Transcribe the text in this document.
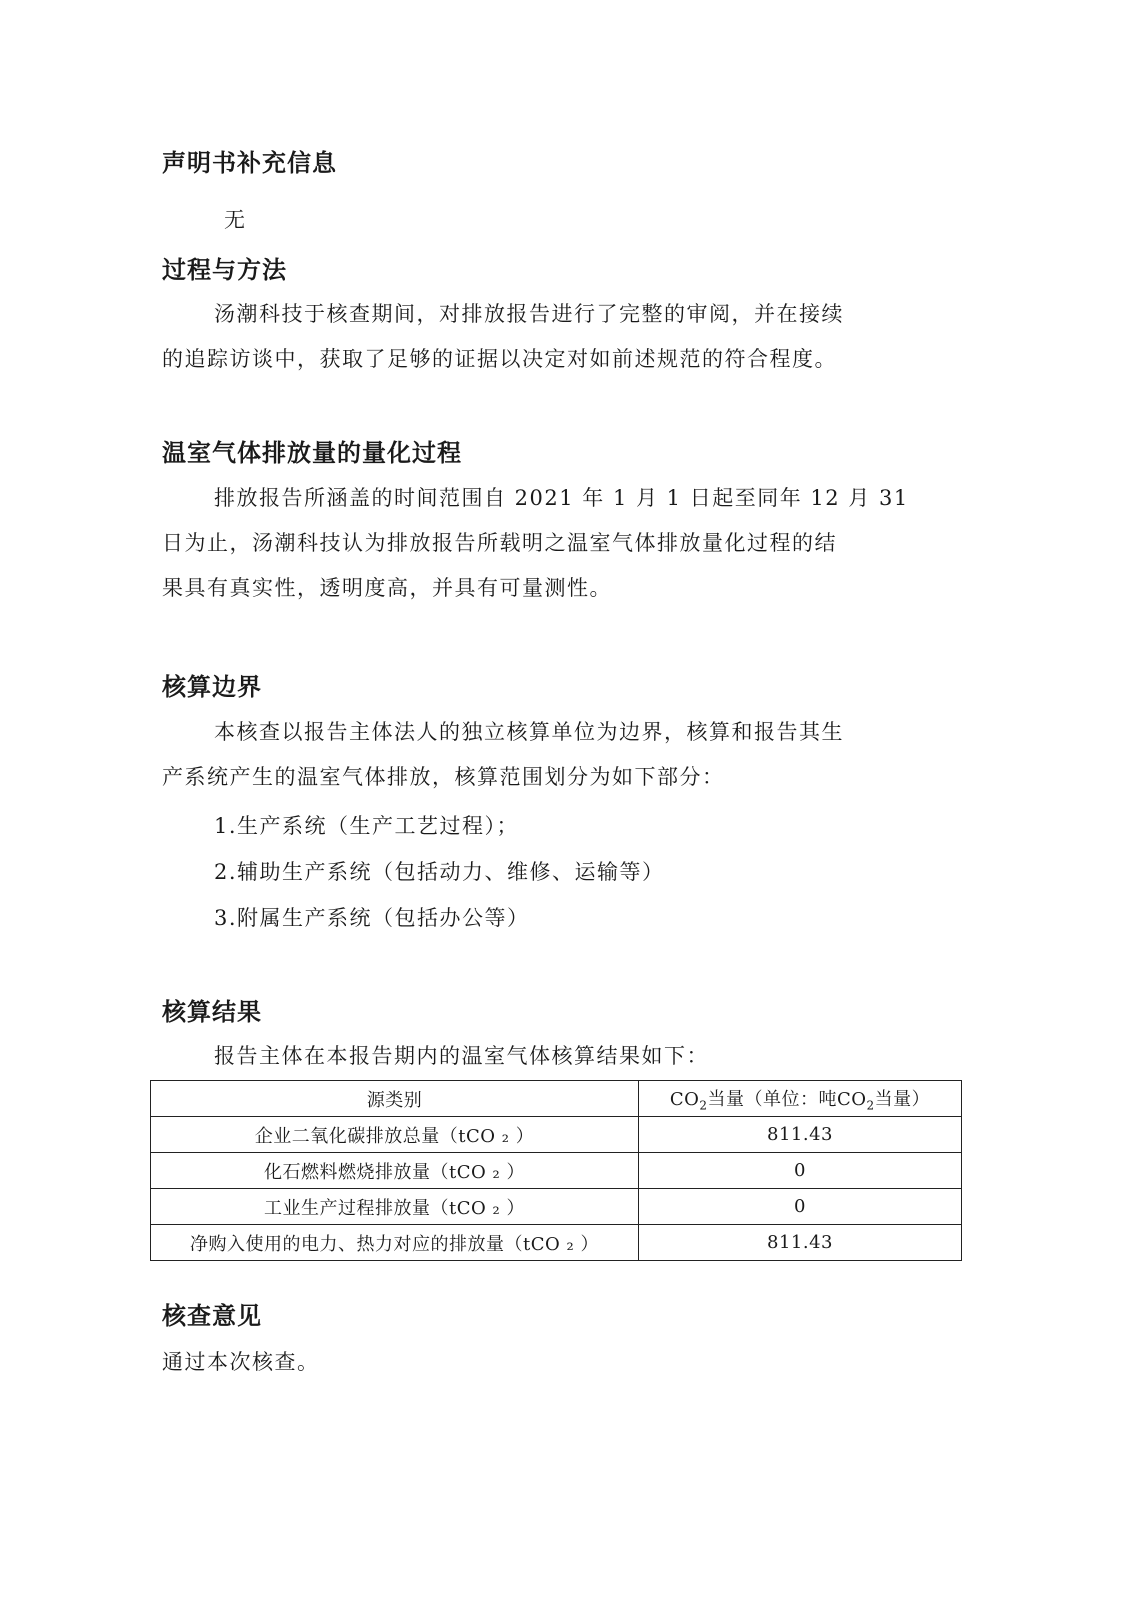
声明书补充信息

无

过程与方法

汤潮科技于核查期间，对排放报告进行了完整的审阅，并在接续
的追踪访谈中，获取了足够的证据以决定对如前述规范的符合程度。

温室气体排放量的量化过程

排放报告所涵盖的时间范围自 2021 年 1 月 1 日起至同年 12 月 31
日为止，汤潮科技认为排放报告所载明之温室气体排放量化过程的结
果具有真实性，透明度高，并具有可量测性。

核算边界

本核查以报告主体法人的独立核算单位为边界，核算和报告其生
产系统产生的温室气体排放，核算范围划分为如下部分：

1.生产系统（生产工艺过程）；

2.辅助生产系统（包括动力、维修、运输等）

3.附属生产系统（包括办公等）

核算结果

报告主体在本报告期内的温室气体核算结果如下：

源类别	$CO_2$当量（单位：吨$CO_2$当量）
企业二氧化碳排放总量（tCO ₂ ）	811.43
化石燃料燃烧排放量（tCO ₂ ）	0
工业生产过程排放量（tCO ₂ ）	0
净购入使用的电力、热力对应的排放量（tCO ₂ ）	811.43
核查意见

通过本次核查。
